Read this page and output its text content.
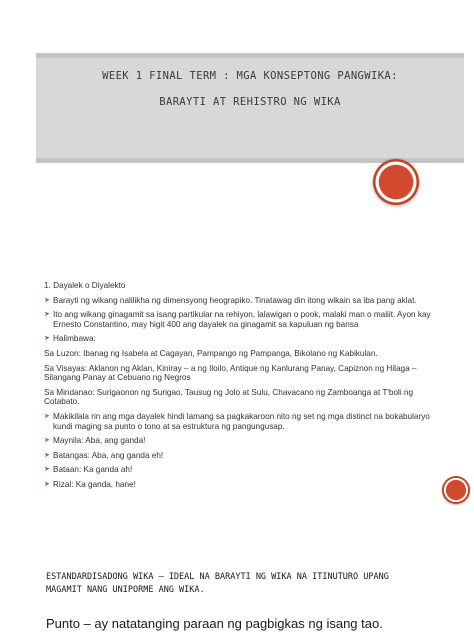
WEEK 1 FINAL TERM : MGA KONSEPTONG PANGWIKA:
BARAYTI AT REHISTRO NG WIKA

1. Dayalek o Diyalekto

➤ Barayti ng wikang nalilikha ng dimensyong heograpiko. Tinatawag din itong wikain sa iba pang aklat.
➤ Ito ang wikang ginagamit sa isang partikular na rehiyon, lalawigan o pook, malaki man o maliit. Ayon kay Ernesto Constantino, may higit 400 ang dayalek na ginagamit sa kapuluan ng bansa
➤ Halimbawa:

Sa Luzon: Ibanag ng Isabela at Cagayan, Pampango ng Pampanga, Bikolano ng Kabikulan.

Sa Visayas: Aklanon ng Aklan, Kiniray – a ng Iloilo, Antique ng Kanlurang Panay, Capiznon ng Hilaga – Silangang Panay at Cebuano ng Negros

Sa Mindanao: Surigaonon ng Surigao, Tausug ng Jolo at Sulu, Chavacano ng Zamboanga at T'boli ng Cotabato.

➤ Makikilala rin ang mga dayalek hindi lamang sa pagkakaroon nito ng set ng mga distinct na bokabularyo kundi maging sa punto o tono at sa estruktura ng pangungusap.
➤ Maynila: Aba, ang ganda!
➤ Batangas: Aba, ang ganda eh!
➤ Bataan: Ka ganda ah!
➤ Rizal: Ka ganda, hane!
ESTANDARDISADONG WIKA – IDEAL NA BARAYTI NG WIKA NA ITINUTURO UPANG MAGAMIT NANG UNIPORME ANG WIKA.
Punto – ay natatanging paraan ng pagbigkas ng isang tao.
